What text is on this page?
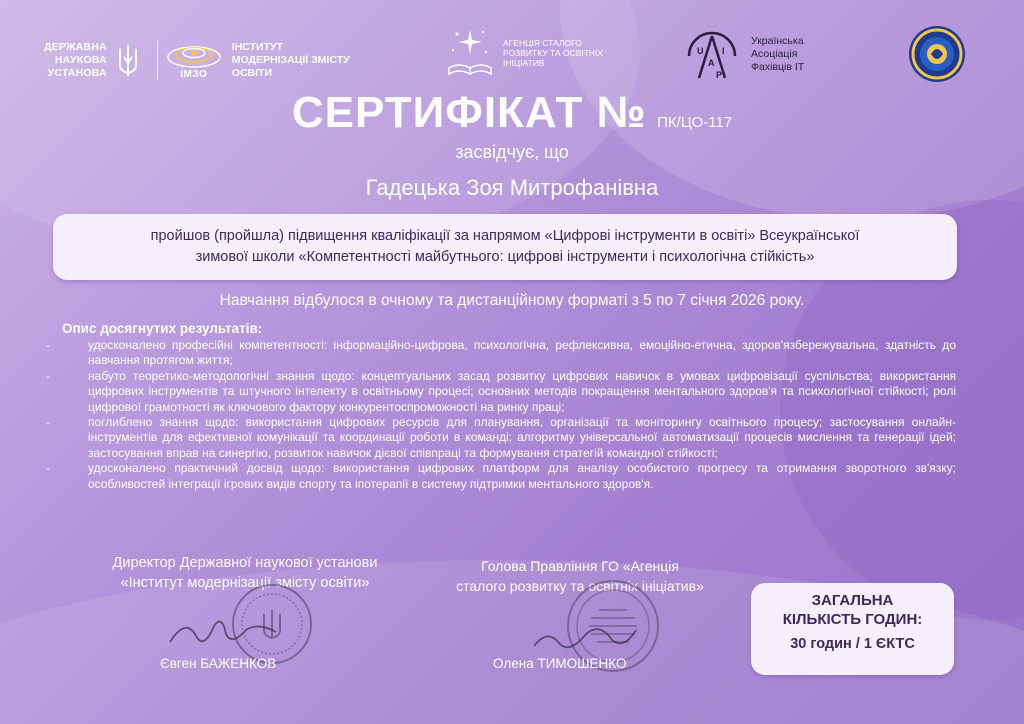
ДЕРЖАВНА
НАУКОВА
УСТАНОВА	ІМЗО
ІНСТИТУТ
МОДЕРНІЗАЦІЇ ЗМІСТУ
ОСВІТИ
АГЕНЦІЯ СТАЛОГО
РОЗВИТКУ ТА ОСВІТНІХ
ІНІЦІАТИВ
U I
A
P
Українська
Асоціація
Фахівців ІТ
СЕРТИФІКАТ № ПК/ЦО-117
засвідчує, що
Гадецька Зоя Митрофанівна
пройшов (пройшла) підвищення кваліфікації за напрямом «Цифрові інструменти в освіті» Всеукраїнської
зимової школи «Компетентності майбутнього: цифрові інструменти і психологічна стійкість»
Навчання відбулося в очному та дистанційному форматі з 5 по 7 січня 2026 року.
Опис досягнутих результатів:
- удосконалено професійні компетентності: інформаційно-цифрова, психологічна, рефлексивна, емоційно-етична, здоров'язбережувальна, здатність до навчання протягом життя;
- набуто теоретико-методологічні знання щодо: концептуальних засад розвитку цифрових навичок в умовах цифровізації суспільства; використання цифрових інструментів та штучного інтелекту в освітньому процесі; основних методів покращення ментального здоров'я та психологічної стійкості; ролі цифрової грамотності як ключового фактору конкурентоспроможності на ринку праці;
- поглиблено знання щодо: використання цифрових ресурсів для планування, організації та моніторингу освітнього процесу; застосування онлайн-інструментів для ефективної комунікації та координації роботи в команді; алгоритму універсальної автоматизації процесів мислення та генерації ідей; застосування вправ на синергію, розвиток навичок дієвої співпраці та формування стратегій командної стійкості;
- удосконалено практичний досвід щодо: використання цифрових платформ для аналізу особистого прогресу та отримання зворотного зв'язку; особливостей інтеграції ігрових видів спорту та іпотерапії в систему підтримки ментального здоров'я.
Директор Державної наукової установи
«Інститут модернізації змісту освіти»
Голова Правління ГО «Агенція
сталого розвитку та освітніх ініціатив»
Євген БАЖЕНКОВ	Олена ТИМОШЕНКО
ЗАГАЛЬНА
КІЛЬКІСТЬ ГОДИН:
30 годин / 1 ЄКТС
